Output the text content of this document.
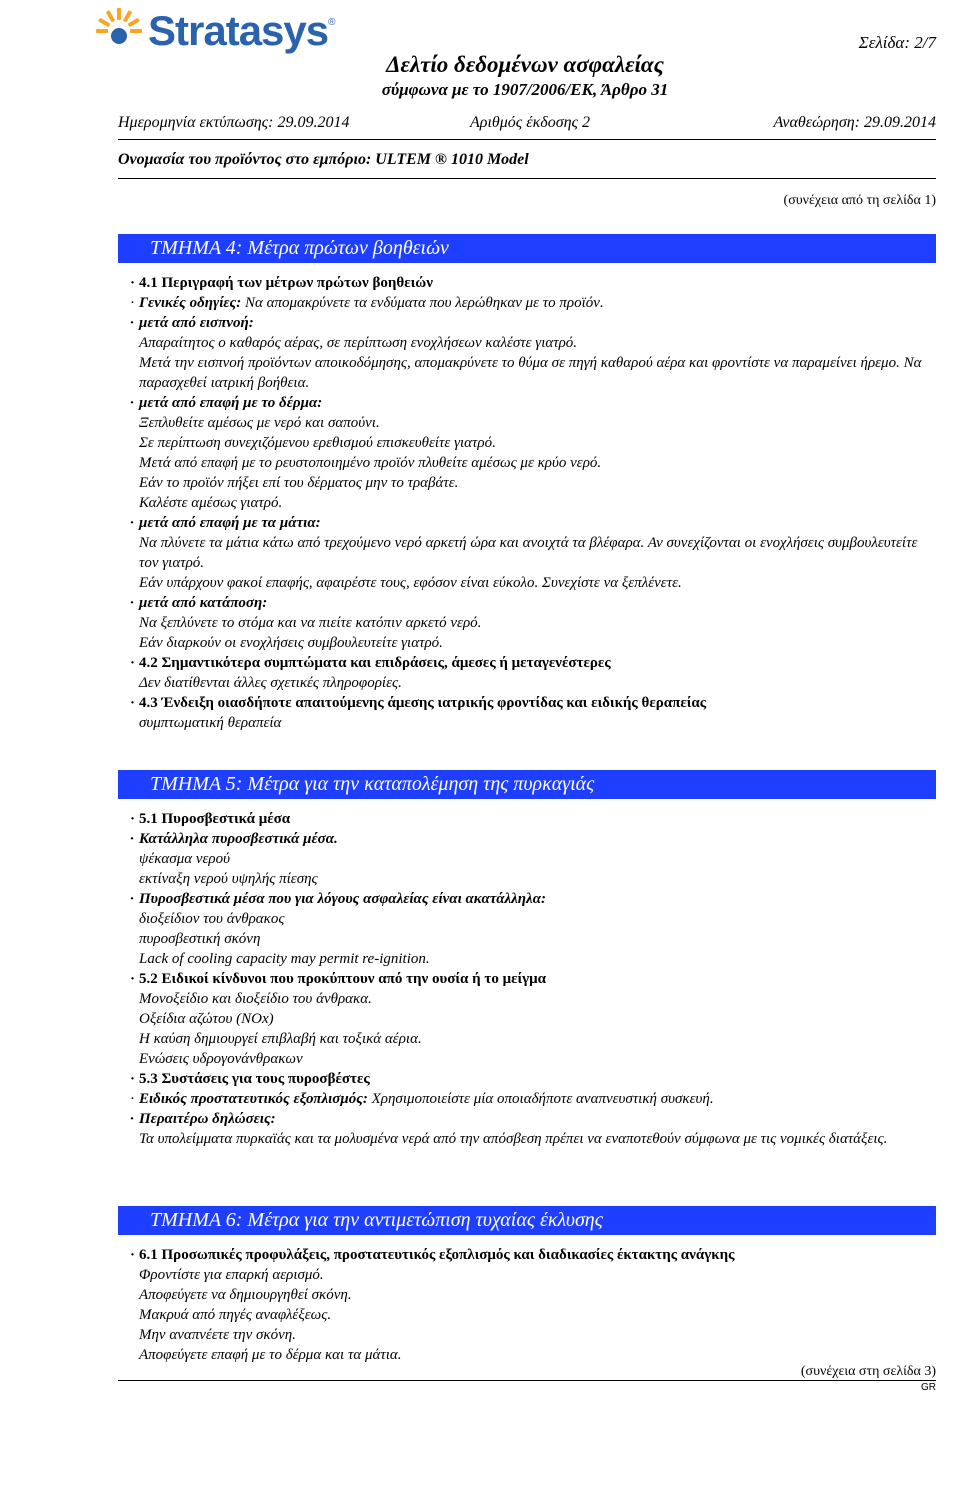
Stratasys ®
Σελίδα: 2/7
Δελτίο δεδομένων ασφαλείας
σύμφωνα με το 1907/2006/ΕΚ, Άρθρο 31
Ημερομηνία εκτύπωσης: 29.09.2014	Αριθμός έκδοσης 2	Αναθεώρηση: 29.09.2014
Ονομασία του προϊόντος στο εμπόριο: ULTEM ® 1010 Model
(συνέχεια από τη σελίδα 1)
ΤΜΗΜΑ 4: Μέτρα πρώτων βοηθειών
· 4.1 Περιγραφή των μέτρων πρώτων βοηθειών
· Γενικές οδηγίες: Να απομακρύνετε τα ενδύματα που λερώθηκαν με το προϊόν.
· μετά από εισπνοή:
Απαραίτητος ο καθαρός αέρας, σε περίπτωση ενοχλήσεων καλέστε γιατρό.
Μετά την εισπνοή προϊόντων αποικοδόμησης, απομακρύνετε το θύμα σε πηγή καθαρού αέρα και φροντίστε να παραμείνει ήρεμο. Να παρασχεθεί ιατρική βοήθεια.
· μετά από επαφή με το δέρμα:
Ξεπλυθείτε αμέσως με νερό και σαπούνι.
Σε περίπτωση συνεχιζόμενου ερεθισμού επισκευθείτε γιατρό.
Μετά από επαφή με το ρευστοποιημένο προϊόν πλυθείτε αμέσως με κρύο νερό.
Εάν το προϊόν πήξει επί του δέρματος μην το τραβάτε.
Καλέστε αμέσως γιατρό.
· μετά από επαφή με τα μάτια:
Να πλύνετε τα μάτια κάτω από τρεχούμενο νερό αρκετή ώρα και ανοιχτά τα βλέφαρα. Αν συνεχίζονται οι ενοχλήσεις συμβουλευτείτε τον γιατρό.
Εάν υπάρχουν φακοί επαφής, αφαιρέστε τους, εφόσον είναι εύκολο. Συνεχίστε να ξεπλένετε.
· μετά από κατάποση:
Να ξεπλύνετε το στόμα και να πιείτε κατόπιν αρκετό νερό.
Εάν διαρκούν οι ενοχλήσεις συμβουλευτείτε γιατρό.
· 4.2 Σημαντικότερα συμπτώματα και επιδράσεις, άμεσες ή μεταγενέστερες
Δεν διατίθενται άλλες σχετικές πληροφορίες.
· 4.3 Ένδειξη οιασδήποτε απαιτούμενης άμεσης ιατρικής φροντίδας και ειδικής θεραπείας
συμπτωματική θεραπεία
ΤΜΗΜΑ 5: Μέτρα για την καταπολέμηση της πυρκαγιάς
· 5.1 Πυροσβεστικά μέσα
· Κατάλληλα πυροσβεστικά μέσα.
ψέκασμα νερού
εκτίναξη νερού υψηλής πίεσης
· Πυροσβεστικά μέσα που για λόγους ασφαλείας είναι ακατάλληλα:
διοξείδιον του άνθρακος
πυροσβεστική σκόνη
Lack of cooling capacity may permit re-ignition.
· 5.2 Ειδικοί κίνδυνοι που προκύπτουν από την ουσία ή το μείγμα
Μονοξείδιο και διοξείδιο του άνθρακα.
Οξείδια αζώτου (NOx)
Η καύση δημιουργεί επιβλαβή και τοξικά αέρια.
Ενώσεις υδρογονάνθρακων
· 5.3 Συστάσεις για τους πυροσβέστες
· Ειδικός προστατευτικός εξοπλισμός: Χρησιμοποιείστε μία οποιαδήποτε αναπνευστική συσκευή.
· Περαιτέρω δηλώσεις:
Τα υπολείμματα πυρκαϊάς και τα μολυσμένα νερά από την απόσβεση πρέπει να εναποτεθούν σύμφωνα με τις νομικές διατάξεις.
ΤΜΗΜΑ 6: Μέτρα για την αντιμετώπιση τυχαίας έκλυσης
· 6.1 Προσωπικές προφυλάξεις, προστατευτικός εξοπλισμός και διαδικασίες έκτακτης ανάγκης
Φροντίστε για επαρκή αερισμό.
Αποφεύγετε να δημιουργηθεί σκόνη.
Μακρυά από πηγές αναφλέξεως.
Μην αναπνέετε την σκόνη.
Αποφεύγετε επαφή με το δέρμα και τα μάτια.
(συνέχεια στη σελίδα 3)
GR
